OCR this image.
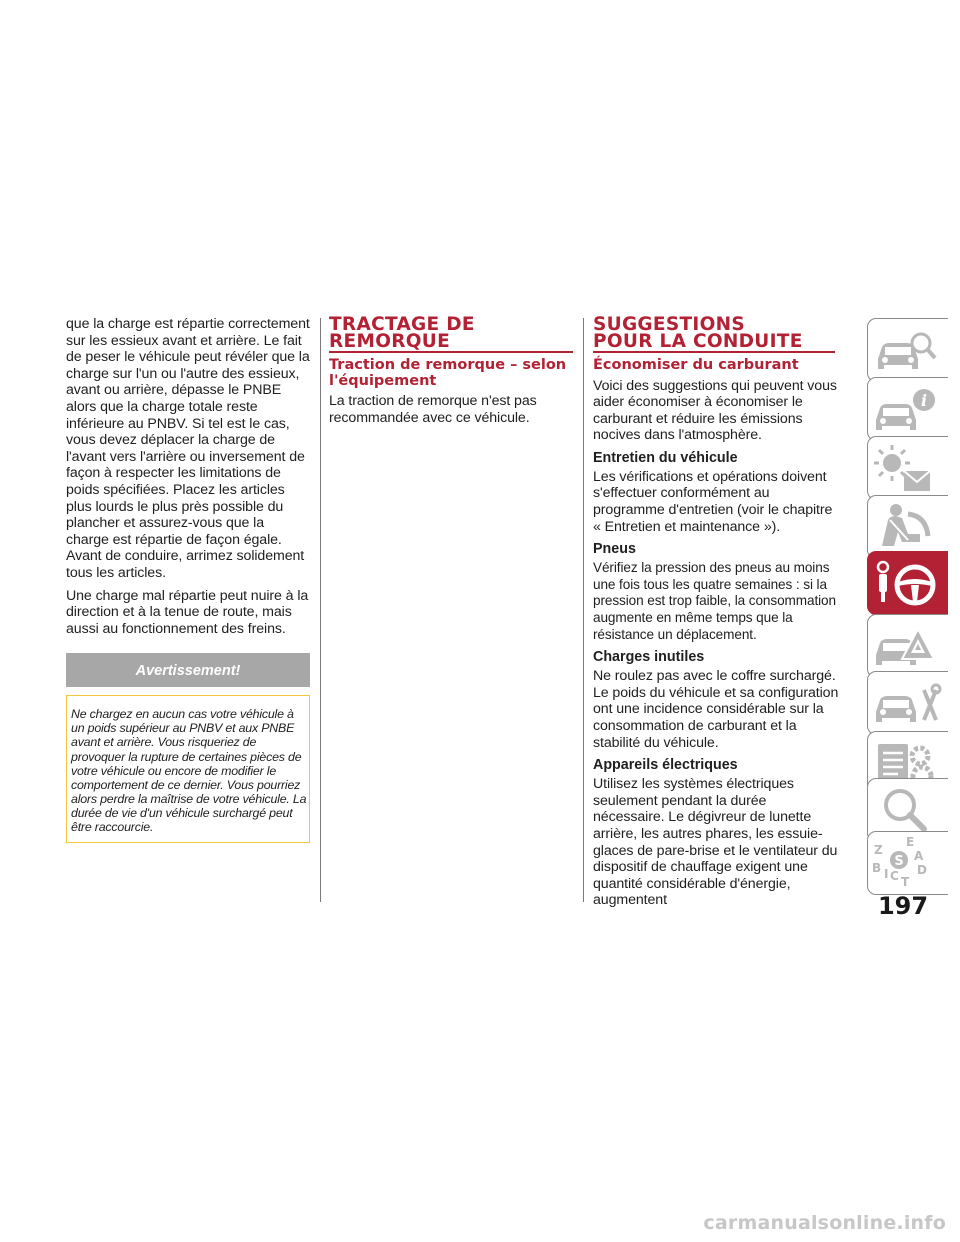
que la charge est répartie correctement sur les essieux avant et arrière. Le fait de peser le véhicule peut révéler que la charge sur l'un ou l'autre des essieux, avant ou arrière, dépasse le PNBE alors que la charge totale reste inférieure au PNBV. Si tel est le cas, vous devez déplacer la charge de l'avant vers l'arrière ou inversement de façon à respecter les limitations de poids spécifiées. Placez les articles plus lourds le plus près possible du plancher et assurez-vous que la charge est répartie de façon égale. Avant de conduire, arrimez solidement tous les articles.

Une charge mal répartie peut nuire à la direction et à la tenue de route, mais aussi au fonctionnement des freins.

Avertissement!

Ne chargez en aucun cas votre véhicule à un poids supérieur au PNBV et aux PNBE avant et arrière. Vous risqueriez de provoquer la rupture de certaines pièces de votre véhicule ou encore de modifier le comportement de ce dernier. Vous pourriez alors perdre la maîtrise de votre véhicule. La durée de vie d'un véhicule surchargé peut être raccourcie.

TRACTAGE DE
REMORQUE
Traction de remorque – selon l'équipement

La traction de remorque n'est pas recommandée avec ce véhicule.

SUGGESTIONS
POUR LA CONDUITE
Économiser du carburant

Voici des suggestions qui peuvent vous aider économiser à économiser le carburant et réduire les émissions nocives dans l'atmosphère.

Entretien du véhicule

Les vérifications et opérations doivent s'effectuer conformément au programme d'entretien (voir le chapitre « Entretien et maintenance »).

Pneus

Vérifiez la pression des pneus au moins une fois tous les quatre semaines : si la pression est trop faible, la consommation augmente en même temps que la résistance un déplacement.

Charges inutiles

Ne roulez pas avec le coffre surchargé. Le poids du véhicule et sa configuration ont une incidence considérable sur la consommation de carburant et la stabilité du véhicule.

Appareils électriques

Utilisez les systèmes électriques seulement pendant la durée nécessaire. Le dégivreur de lunette arrière, les autres phares, les essuie-glaces de pare-brise et le ventilateur du dispositif de chauffage exigent une quantité considérable d'énergie, augmentent

i
S
Z
E
A
B	D
I C T
197
carmanualsonline.info
